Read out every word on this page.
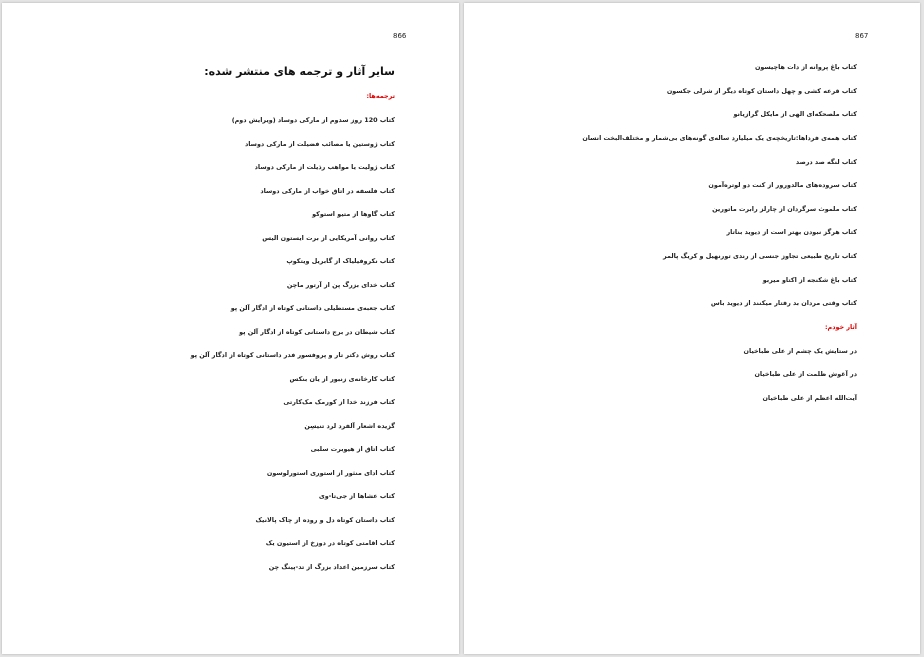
866
سایر آثار و ترجمه های منتشر شده:
ترجمه‌ها:
کتاب 120 روز سدوم از مارکی دوساد (ویرایش دوم)
کتاب ژوستین یا مصائب فضیلت از مارکی دوساد
کتاب ژولیت یا مواهب رذیلت از مارکی دوساد
کتاب فلسفه در اتاق خواب از مارکی دوساد
کتاب گاوها از متیو استوکو
کتاب روانی آمریکایی از برت ایستون الیس
کتاب نکروفیلیاک از گابریل ویتکوپ
کتاب خدای بزرگ پن از آرتور ماچن
کتاب جعبه‌ی مستطیلی داستانی کوتاه از ادگار آلن پو
کتاب شیطان در برج داستانی کوتاه از ادگار آلن پو
کتاب روش دکتر تار و پروفسور فدر داستانی کوتاه از ادگار آلن پو
کتاب کارخانه‌ی زنبور از یان بنکس
کتاب فرزند خدا از کورمک مک‌کارتی
گزیده اشعار آلفرد لرد تنیسِن
کتاب اتاق از هیوبرت سلبی
کتاب ادای منثور از استوری استورلوسون
کتاب عشاها از جی‌تا-وی
کتاب داستان کوتاه دل و روده از چاک پالانیک
کتاب اقامتی کوتاه در دوزخ از استیون یک
کتاب سرزمین اعداد بزرگ از تد-پینگ چن
867
کتاب باغ پروانه از دات هاچیسون
کتاب قرعه کشی و چهل داستان کوتاه دیگر از شرلی جکسون
کتاب ملصحکه‌ای الهی از مایکل گرازیانو
کتاب همه‌ی فرداها:تاریخچه‌ی یک میلیارد ساله‌ی گونه‌های بی‌شمار و مختلف‌البخت انسان
کتاب لنگه صد درصد
کتاب سروده‌های مالدورور از کنت دو لوتره‌آمون
کتاب ملموث سرگردان از چارلز رابرت ماتورین
کتاب هرگز نبودن بهتر است از دیوید بناتار
کتاب تاریخ طبیعی تجاوز جنسی از رندی تورنهیل و کریگ پالمر
کتاب باغ شکنجه از اکتاو میربو
کتاب وقتی مردان بد رفتار میکنند از دیوید باس
آثار خودم:
در ستایش یک چشم از علی طباخیان
در آغوش ظلمت از علی طباخیان
آیت‌الله اعظم از علی طباخیان
